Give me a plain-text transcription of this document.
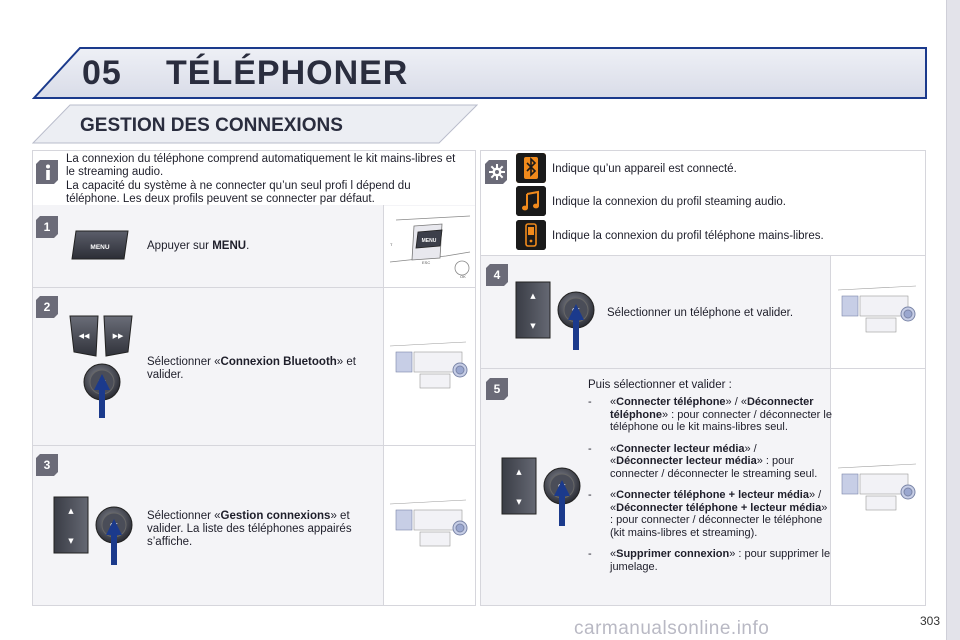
05 TÉLÉPHONER
GESTION DES CONNEXIONS
La connexion du téléphone comprend automatiquement le kit mains-libres et le streaming audio.
La capacité du système à ne connecter qu’un seul profi l dépend du téléphone. Les deux profils peuvent se connecter par défaut.
1
MENU	Appuyer sur MENU.	MENU
ESC
OK
T
2
◀◀	▶▶
Sélectionner «Connexion Bluetooth» et valider.
3
▲
▼
Sélectionner «Gestion connexions» et valider. La liste des téléphones appairés s’affiche.
Indique qu’un appareil est connecté.
Indique la connexion du profil steaming audio.
Indique la connexion du profil téléphone mains-libres.
4
▲
▼
Sélectionner un téléphone et valider.
5
▲
▼
Puis sélectionner et valider :
- «Connecter téléphone» / «Déconnecter téléphone» : pour connecter / déconnecter le téléphone ou le kit mains-libres seul.
- «Connecter lecteur média» / «Déconnecter lecteur média» : pour connecter / déconnecter le streaming seul.
- «Connecter téléphone + lecteur média» / «Déconnecter téléphone + lecteur média» : pour connecter / déconnecter le téléphone (kit mains-libres et streaming).
- «Supprimer connexion» : pour supprimer le jumelage.
carmanualsonline.info	303
